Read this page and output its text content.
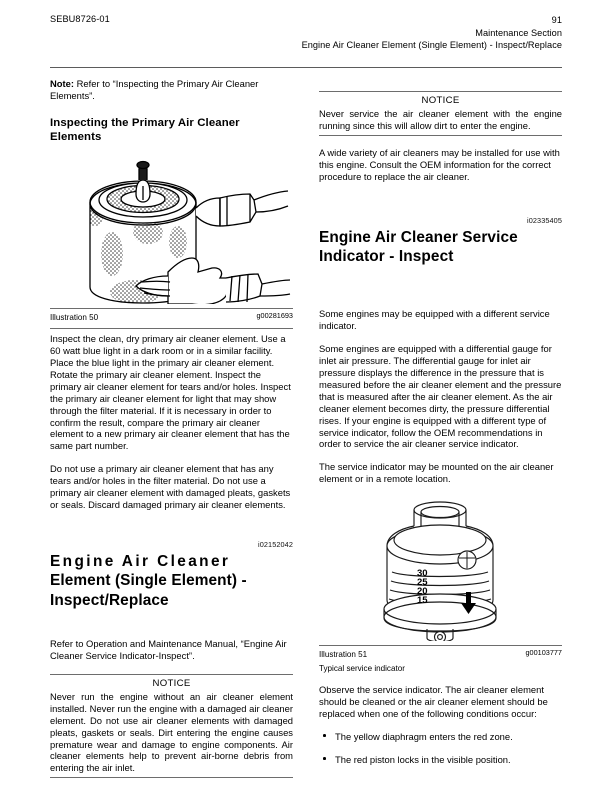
SEBU8726-01	91
Maintenance Section
Engine Air Cleaner Element (Single Element) - Inspect/Replace

Note: Refer to “Inspecting the Primary Air Cleaner Elements”.

Inspecting the Primary Air Cleaner Elements
Illustration 50	g00281693

Inspect the clean, dry primary air cleaner element. Use a 60 watt blue light in a dark room or in a similar facility. Place the blue light in the primary air cleaner element. Rotate the primary air cleaner element. Inspect the primary air cleaner element for tears and/or holes. Inspect the primary air cleaner element for light that may show through the filter material. If it is necessary in order to confirm the result, compare the primary air cleaner element to a new primary air cleaner element that has the same part number.

Do not use a primary air cleaner element that has any tears and/or holes in the filter material. Do not use a primary air cleaner element with damaged pleats, gaskets or seals. Discard damaged primary air cleaner elements.

i02152042
Engine Air Cleaner
Element (Single Element) -
Inspect/Replace

Refer to Operation and Maintenance Manual, “Engine Air Cleaner Service Indicator-Inspect”.

NOTICE
Never run the engine without an air cleaner element installed. Never run the engine with a damaged air cleaner element. Do not use air cleaner elements with damaged pleats, gaskets or seals. Dirt entering the engine causes premature wear and damage to engine components. Air cleaner elements help to prevent air-borne debris from entering the air inlet.
NOTICE
Never service the air cleaner element with the engine running since this will allow dirt to enter the engine.

A wide variety of air cleaners may be installed for use with this engine. Consult the OEM information for the correct procedure to replace the air cleaner.

i02335405
Engine Air Cleaner Service
Indicator - Inspect

Some engines may be equipped with a different service indicator.

Some engines are equipped with a differential gauge for inlet air pressure. The differential gauge for inlet air pressure displays the difference in the pressure that is measured before the air cleaner element and the pressure that is measured after the air cleaner element. As the air cleaner element becomes dirty, the pressure differential rises. If your engine is equipped with a different type of service indicator, follow the OEM recommendations in order to service the air cleaner service indicator.

The service indicator may be mounted on the air cleaner element or in a remote location.

30
25
20
15
Illustration 51	g00103777
Typical service indicator

Observe the service indicator. The air cleaner element should be cleaned or the air cleaner element should be replaced when one of the following conditions occur:

The yellow diaphragm enters the red zone.
The red piston locks in the visible position.
